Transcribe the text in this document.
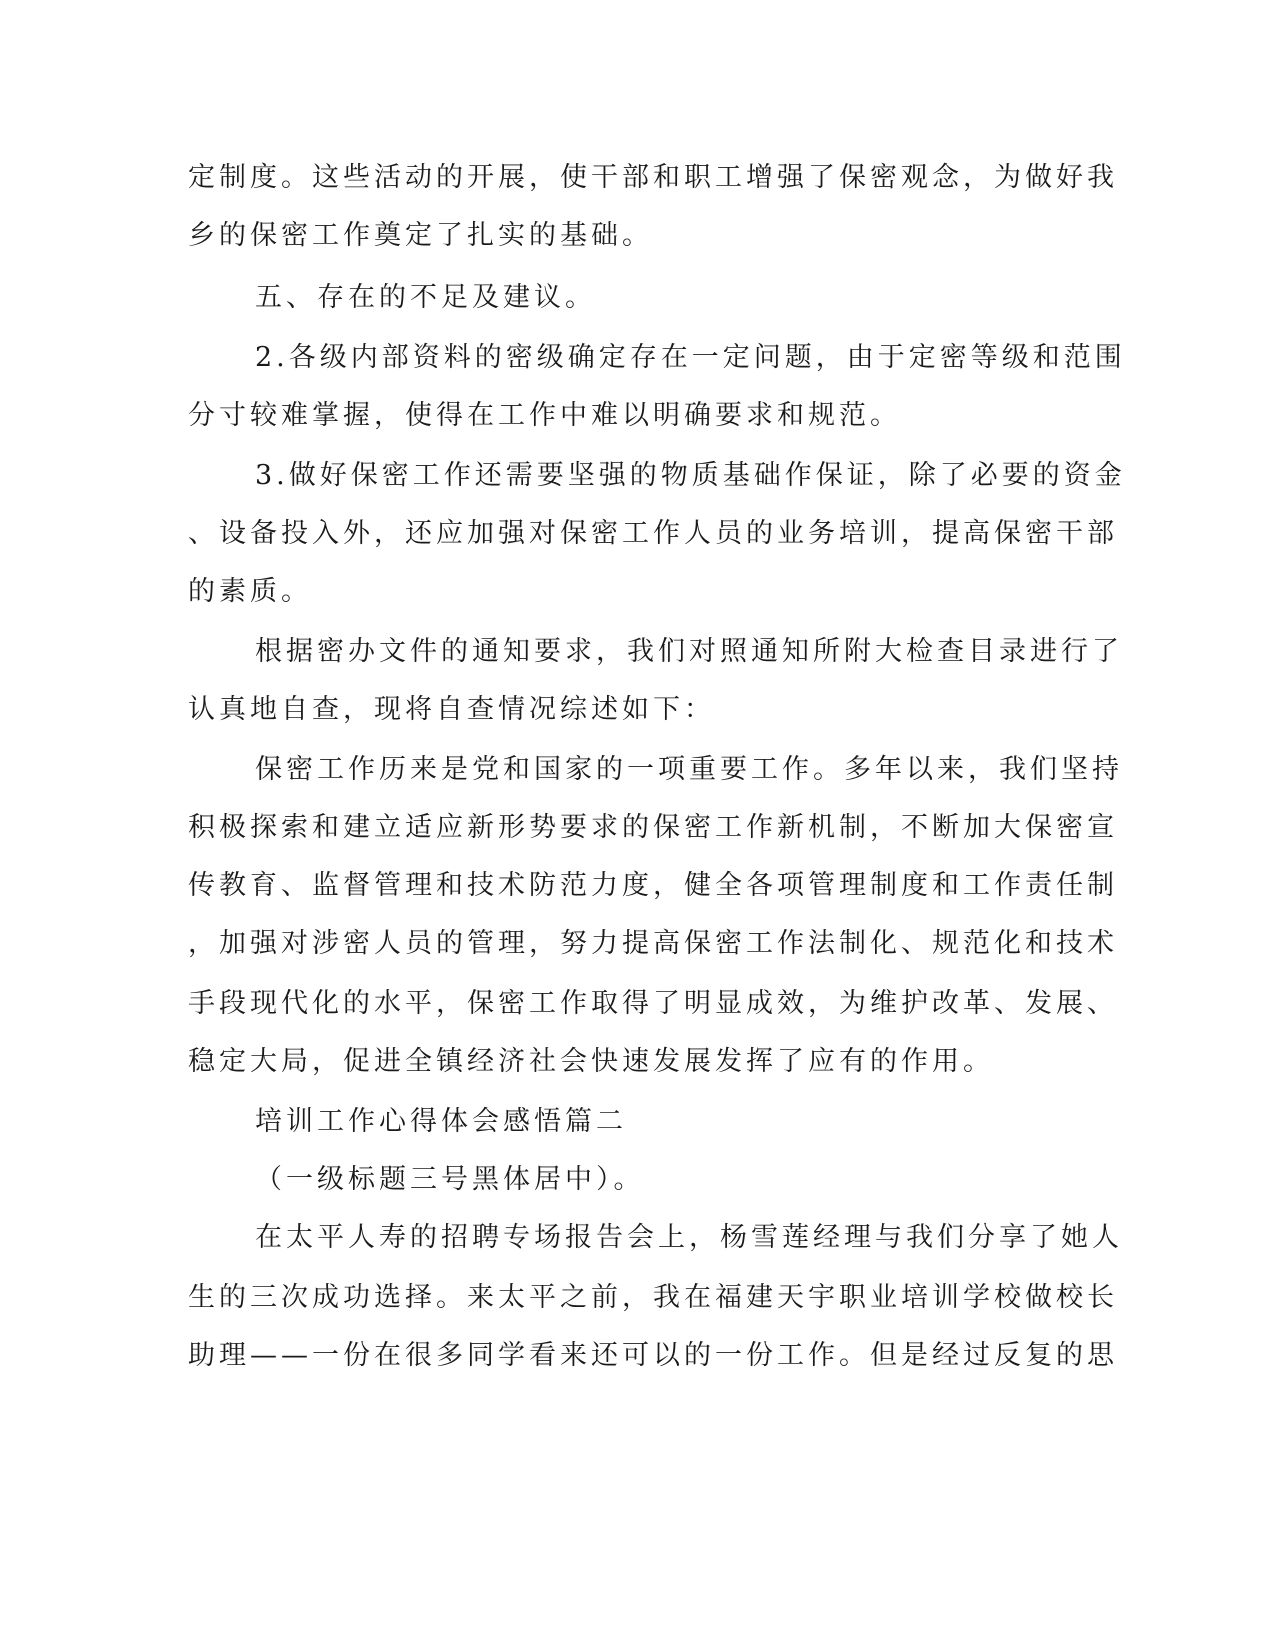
定制度。这些活动的开展，使干部和职工增强了保密观念，为做好我
乡的保密工作奠定了扎实的基础。
五、存在的不足及建议。
2.各级内部资料的密级确定存在一定问题，由于定密等级和范围
分寸较难掌握，使得在工作中难以明确要求和规范。
3.做好保密工作还需要坚强的物质基础作保证，除了必要的资金
、设备投入外，还应加强对保密工作人员的业务培训，提高保密干部
的素质。
根据密办文件的通知要求，我们对照通知所附大检查目录进行了
认真地自查，现将自查情况综述如下：
保密工作历来是党和国家的一项重要工作。多年以来，我们坚持
积极探索和建立适应新形势要求的保密工作新机制，不断加大保密宣
传教育、监督管理和技术防范力度，健全各项管理制度和工作责任制
，加强对涉密人员的管理，努力提高保密工作法制化、规范化和技术
手段现代化的水平，保密工作取得了明显成效，为维护改革、发展、
稳定大局，促进全镇经济社会快速发展发挥了应有的作用。
培训工作心得体会感悟篇二
（一级标题三号黑体居中）。
在太平人寿的招聘专场报告会上，杨雪莲经理与我们分享了她人
生的三次成功选择。来太平之前，我在福建天宇职业培训学校做校长
助理——一份在很多同学看来还可以的一份工作。但是经过反复的思
